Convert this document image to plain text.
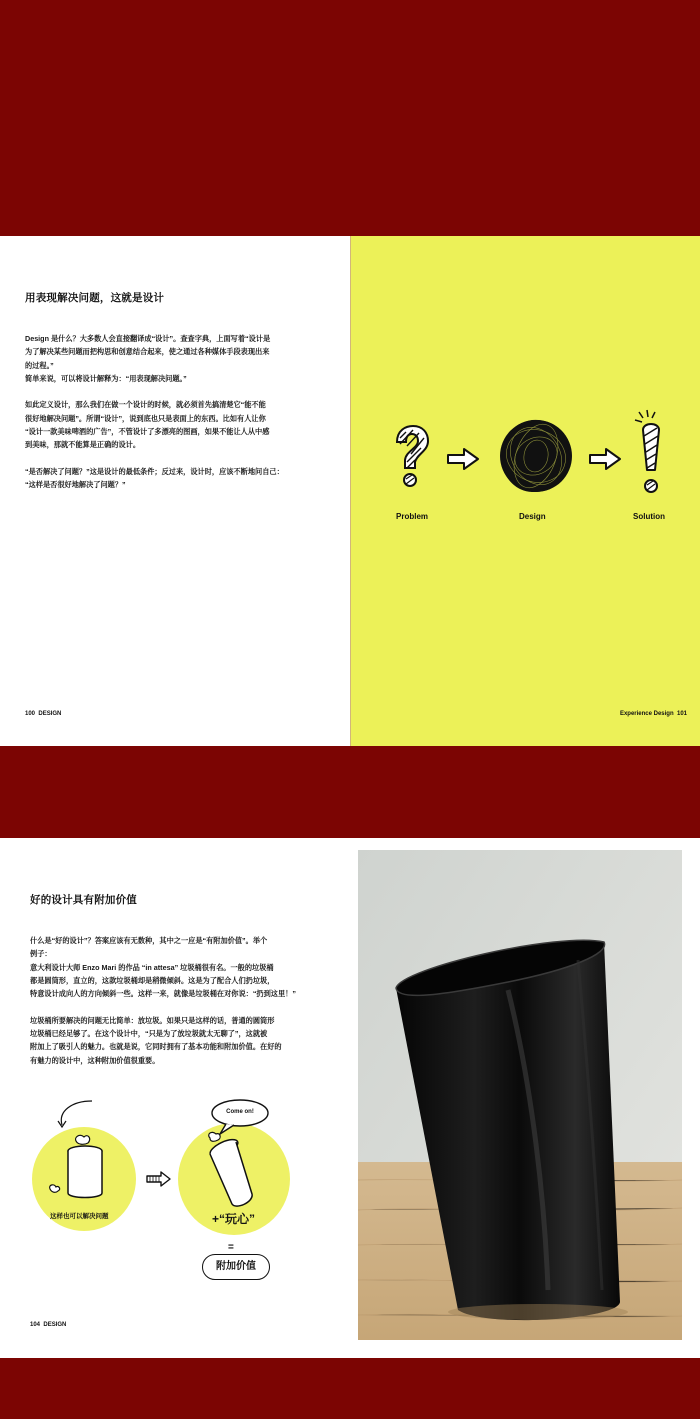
用表现解决问题，这就是设计

Design 是什么？大多数人会直接翻译成“设计”。查查字典，上面写着“设计是
为了解决某些问题而把构思和创意结合起来，使之通过各种媒体手段表现出来
的过程。”
简单来说，可以将设计解释为：“用表现解决问题。”

如此定义设计，那么我们在做一个设计的时候，就必须首先搞清楚它“能不能
很好地解决问题”。所谓“设计”，说到底也只是表面上的东西。比如有人让你
“设计一款美味啤酒的广告”，不管设计了多漂亮的图画，如果不能让人从中感
到美味，那就不能算是正确的设计。

“是否解决了问题？”这是设计的最低条件；反过来，设计时，应该不断地问自己：
“这样是否很好地解决了问题？”

100 DESIGN
Problem	Design	Solution
Experience Design 101
好的设计具有附加价值

什么是“好的设计”？答案应该有无数种，其中之一应是“有附加价值”。举个
例子：
意大利设计大师 Enzo Mari 的作品 “in attesa” 垃圾桶很有名。一般的垃圾桶
都是圆筒形，直立的，这款垃圾桶却是稍微倾斜。这是为了配合人们扔垃圾，
特意设计成向人的方向倾斜一些。这样一来，就像是垃圾桶在对你说：“扔到这里！”

垃圾桶所要解决的问题无比简单：放垃圾。如果只是这样的话，普通的圆筒形
垃圾桶已经足够了。在这个设计中，“只是为了放垃圾就太无聊了”，这就被
附加上了吸引人的魅力。也就是说，它同时拥有了基本功能和附加价值。在好的
有魅力的设计中，这种附加价值很重要。

这样也可以解决问题
Come on!
+“玩心”
=
附加价值
104 DESIGN
